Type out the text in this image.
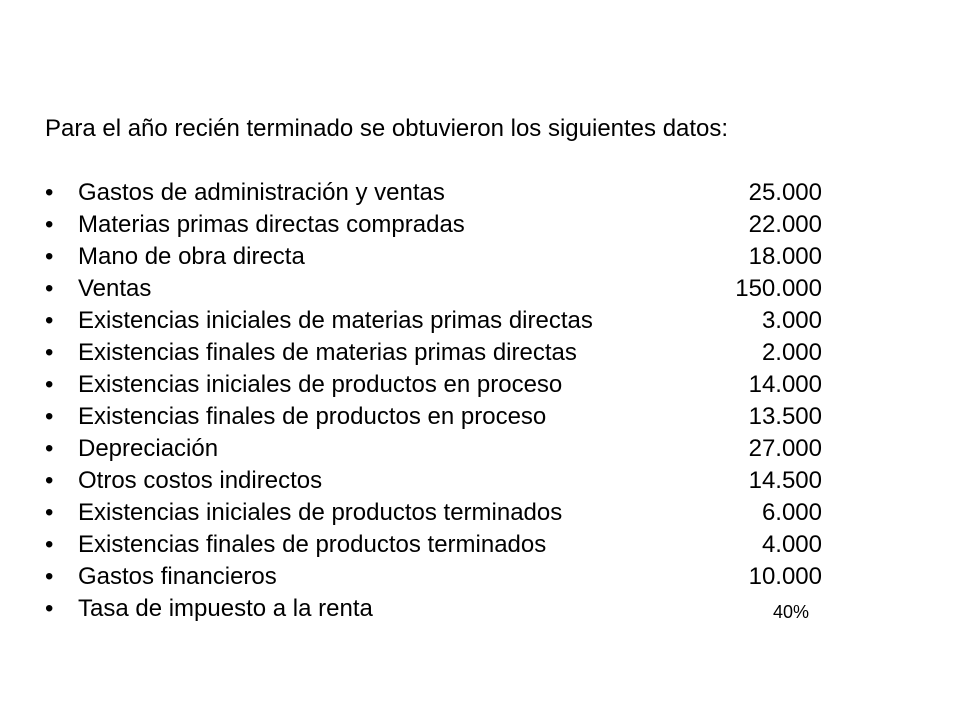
Para el año recién terminado se obtuvieron los siguientes datos:
•	Gastos de administración y ventas	25.000
•	Materias primas directas compradas	22.000
•	Mano de obra directa	18.000
•	Ventas	150.000
•	Existencias iniciales de materias primas directas	3.000
•	Existencias finales de materias primas directas	2.000
•	Existencias iniciales de productos en proceso	14.000
•	Existencias finales de productos en proceso	13.500
•	Depreciación	27.000
•	Otros costos indirectos	14.500
•	Existencias iniciales de productos terminados	6.000
•	Existencias finales de productos terminados	4.000
•	Gastos financieros	10.000
•	Tasa de impuesto a la renta	40%
